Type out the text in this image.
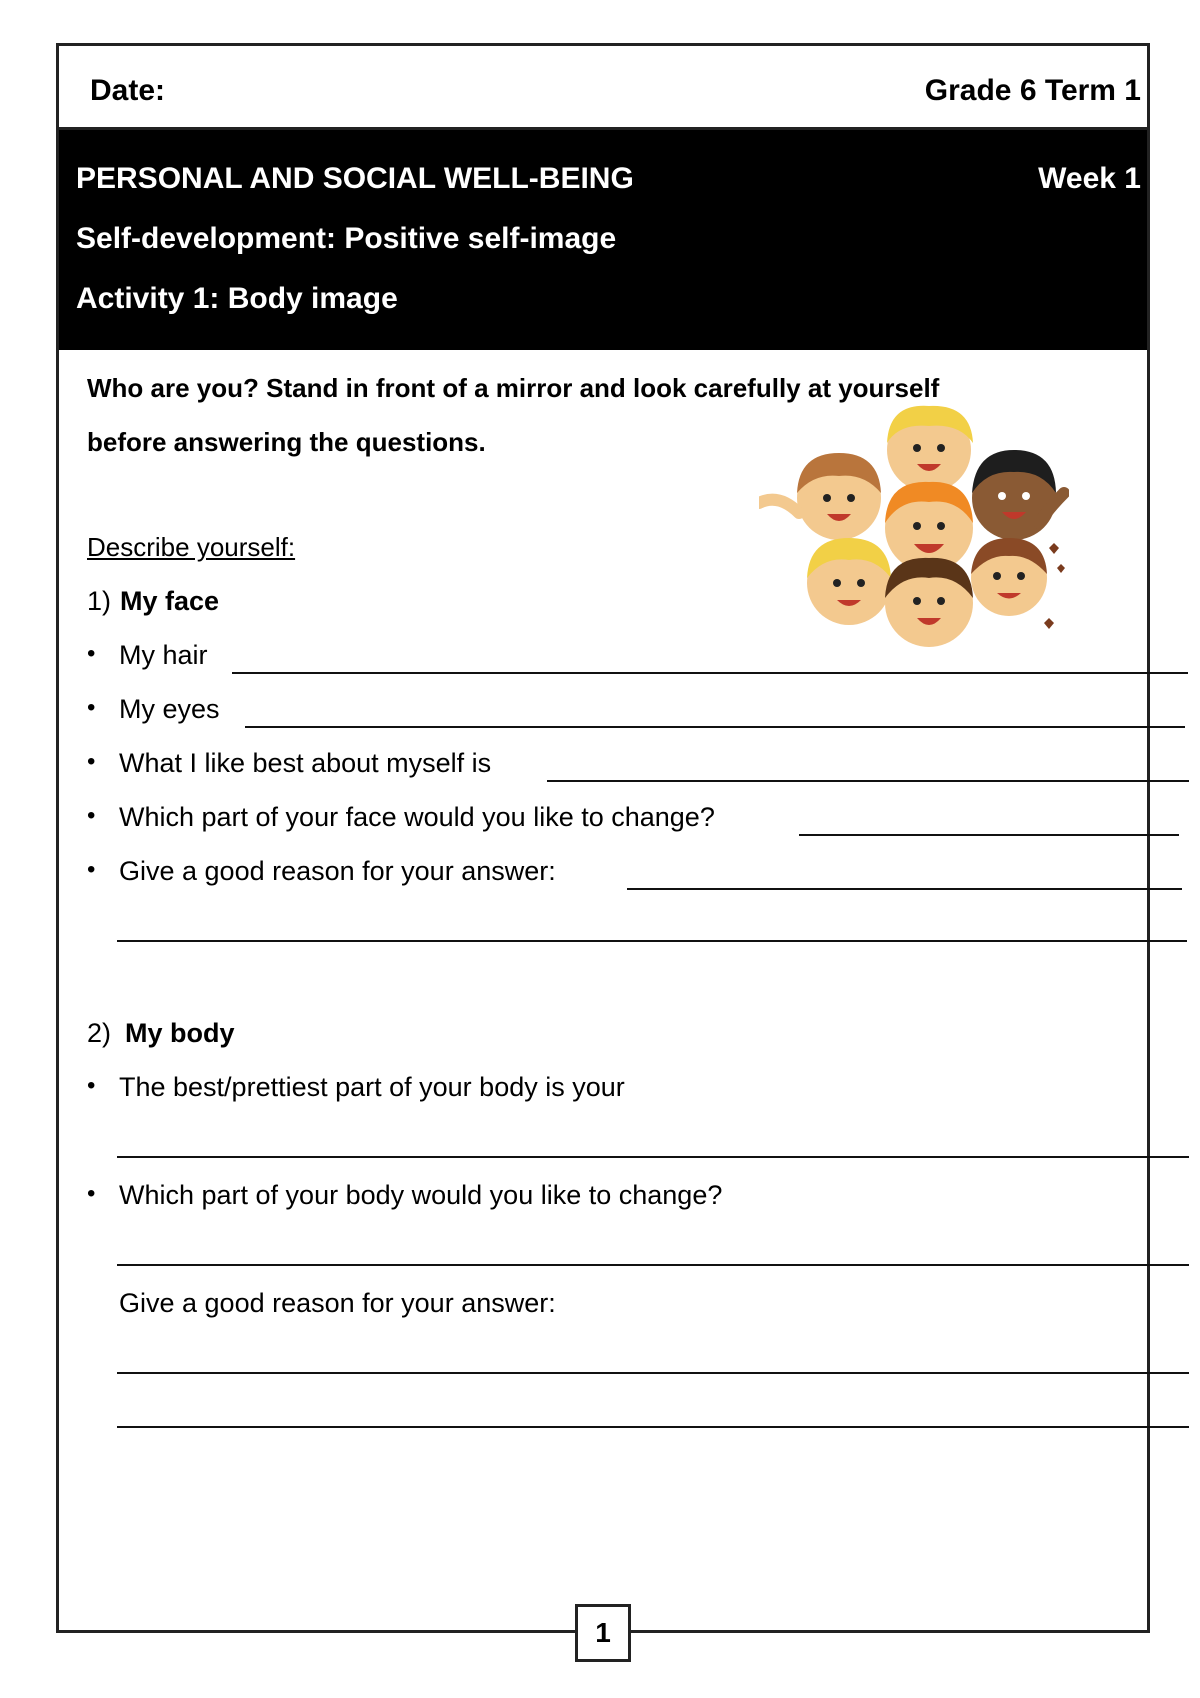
Date:	Grade 6 Term 1
PERSONAL AND SOCIAL WELL-BEING	Week 1
Self-development: Positive self-image
Activity 1: Body image
Who are you? Stand in front of a mirror and look carefully at yourself
before answering the questions.
Describe yourself:
1) My face
• My hair
• My eyes
• What I like best about myself is
• Which part of your face would you like to change?
• Give a good reason for your answer:
2) My body
• The best/prettiest part of your body is your
• Which part of your body would you like to change?
Give a good reason for your answer:
1
